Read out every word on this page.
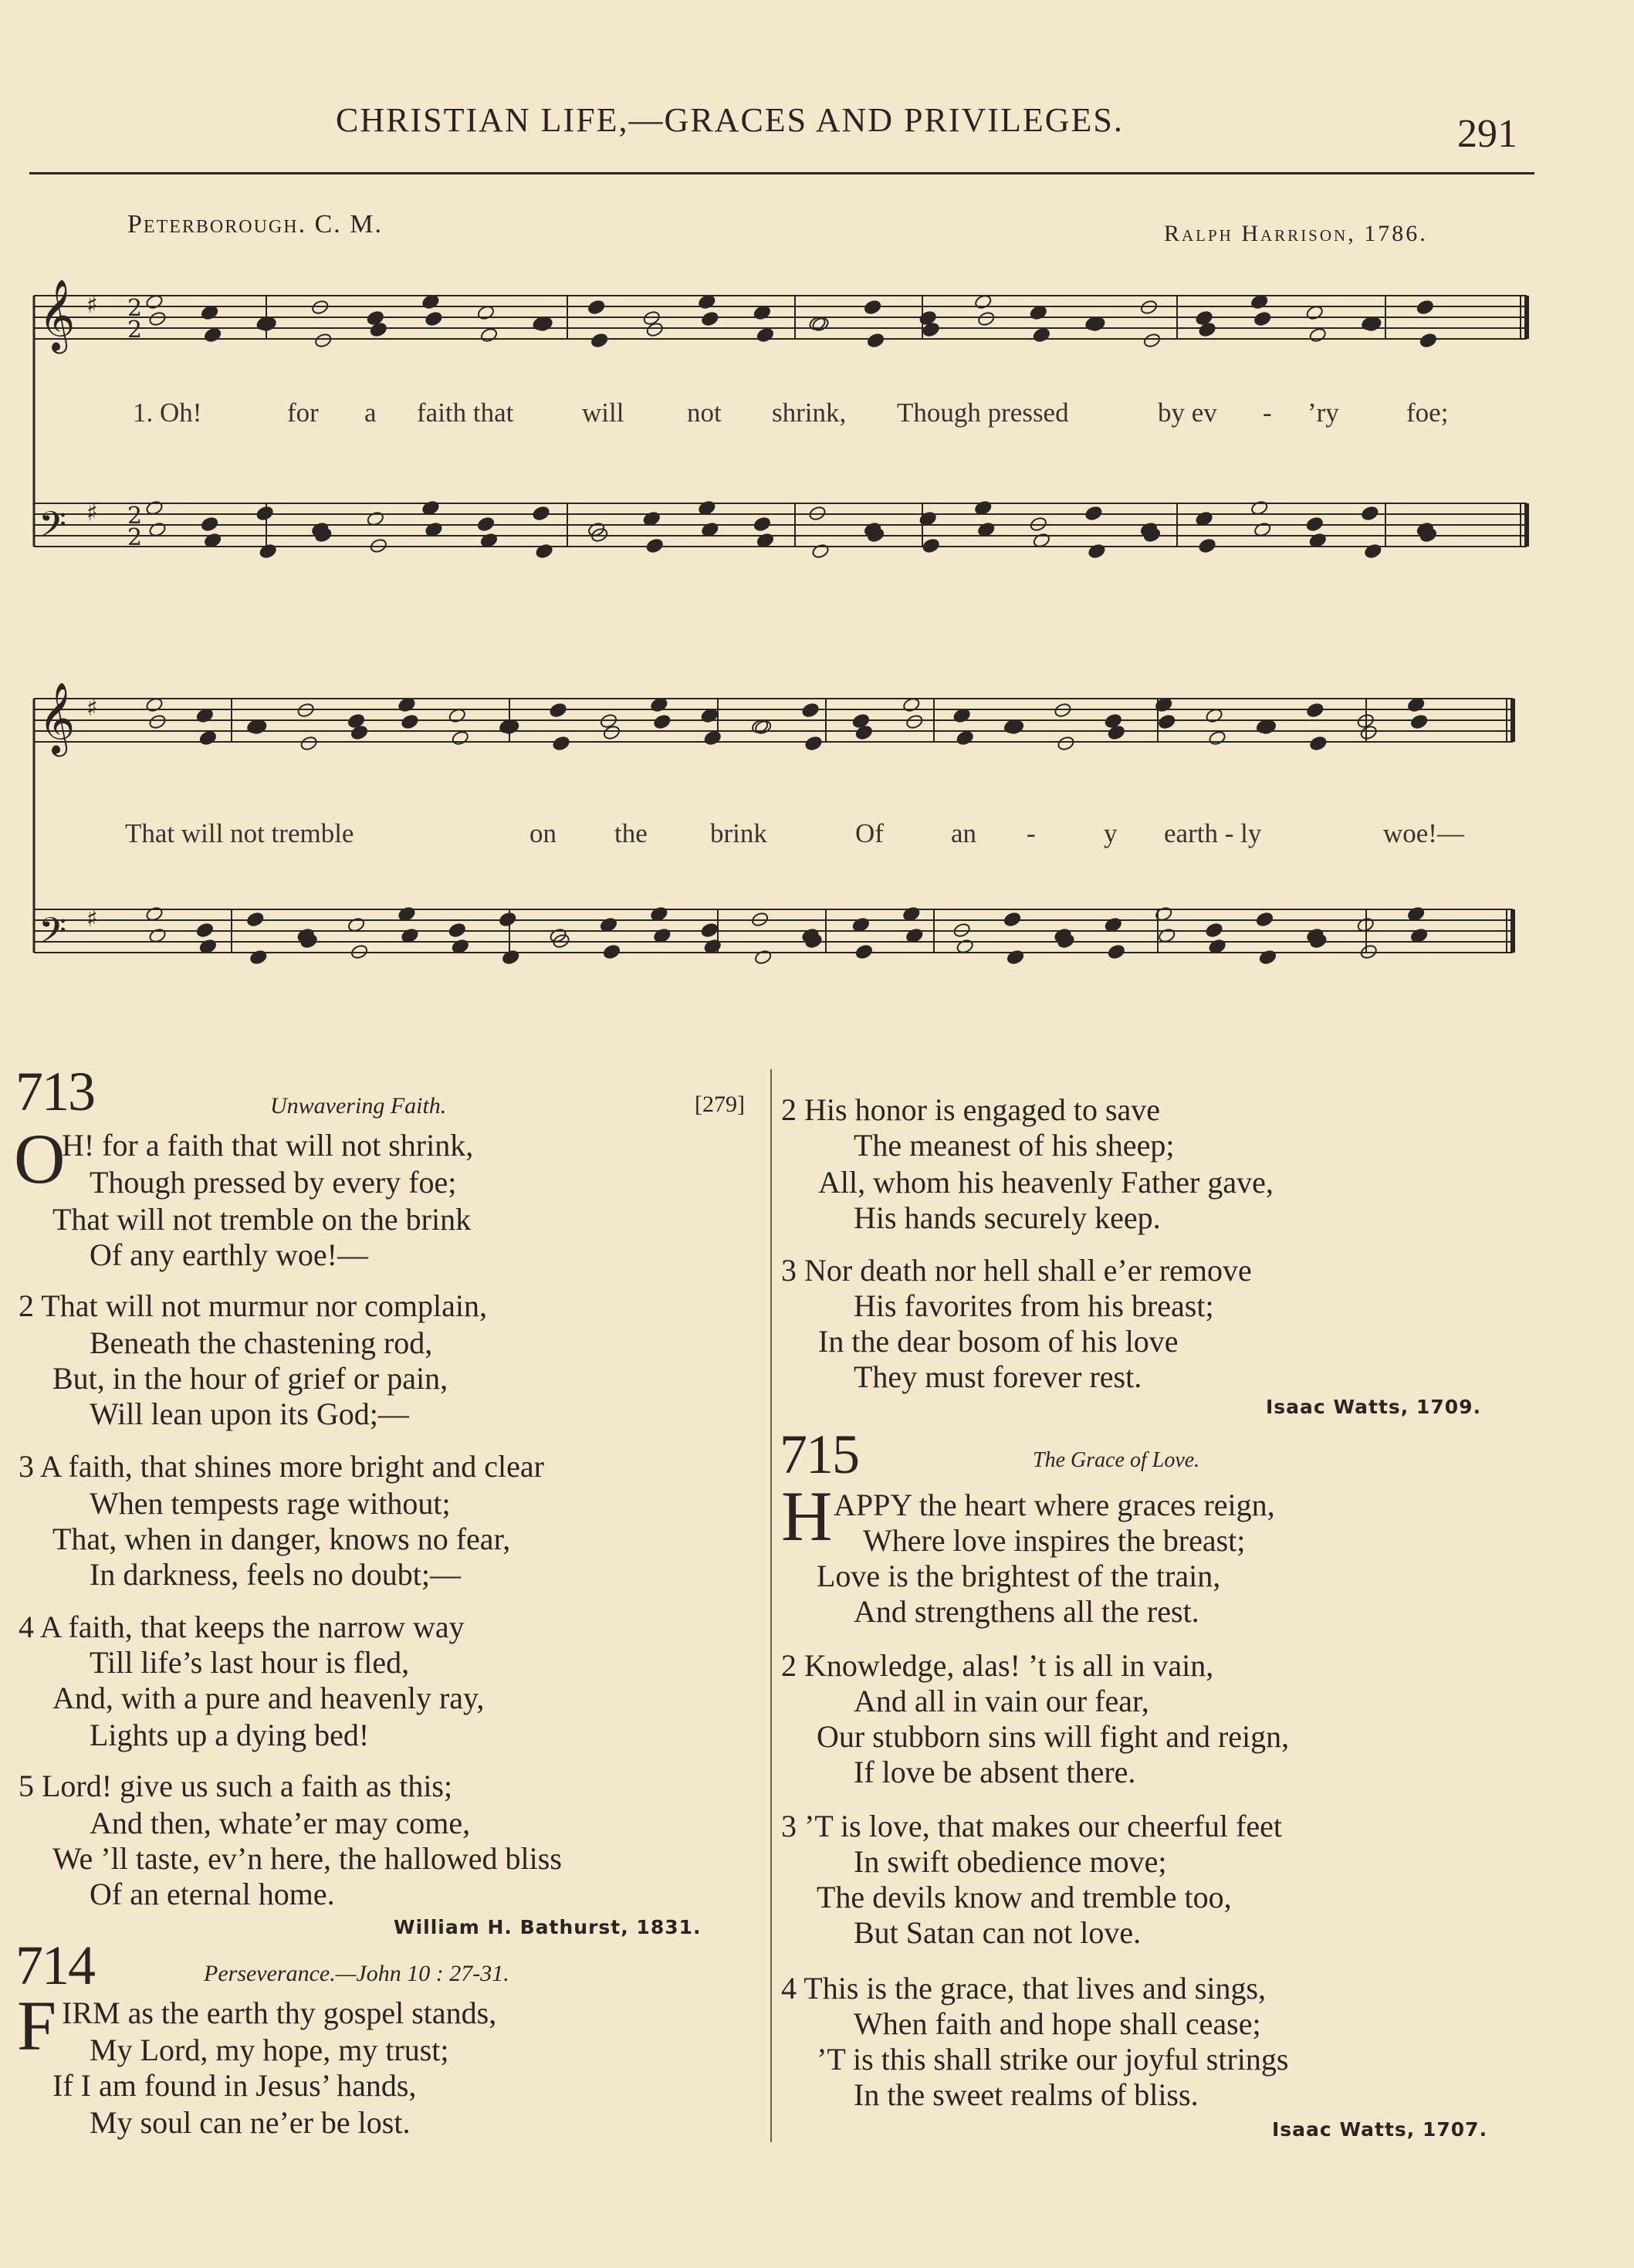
CHRISTIAN LIFE,—GRACES AND PRIVILEGES.	291
Peterborough. C. M.	Ralph Harrison, 1786.
𝄞 ♯ 2
2
𝄢 ♯ 2
2
𝄞 ♯
𝄢 ♯
1. Oh!	for a faith that	will not shrink, Though pressed	by ev - ’ry foe;
That will not tremble	on the brink	Of an -	y earth - ly	woe!—
713	Unwavering Faith.	[279]
O
H! for a faith that will not shrink,
Though pressed by every foe;
That will not tremble on the brink
Of any earthly woe!—
2 That will not murmur nor complain,
Beneath the chastening rod,
But, in the hour of grief or pain,
Will lean upon its God;—
3 A faith, that shines more bright and clear
When tempests rage without;
That, when in danger, knows no fear,
In darkness, feels no doubt;—
4 A faith, that keeps the narrow way
Till life’s last hour is fled,
And, with a pure and heavenly ray,
Lights up a dying bed!
5 Lord! give us such a faith as this;
And then, whate’er may come,
We ’ll taste, ev’n here, the hallowed bliss
Of an eternal home.
William H. Bathurst, 1831.
714	Perseverance.—John 10 : 27-31.
F IRM as the earth thy gospel stands,
My Lord, my hope, my trust;
If I am found in Jesus’ hands,
My soul can ne’er be lost.
2 His honor is engaged to save
The meanest of his sheep;
All, whom his heavenly Father gave,
His hands securely keep.
3 Nor death nor hell shall e’er remove
His favorites from his breast;
In the dear bosom of his love
They must forever rest.
Isaac Watts, 1709.
715	The Grace of Love.
H APPY the heart where graces reign,
Where love inspires the breast;
Love is the brightest of the train,
And strengthens all the rest.
2 Knowledge, alas! ’t is all in vain,
And all in vain our fear,
Our stubborn sins will fight and reign,
If love be absent there.
3 ’T is love, that makes our cheerful feet
In swift obedience move;
The devils know and tremble too,
But Satan can not love.
4 This is the grace, that lives and sings,
When faith and hope shall cease;
’T is this shall strike our joyful strings
In the sweet realms of bliss.
Isaac Watts, 1707.
